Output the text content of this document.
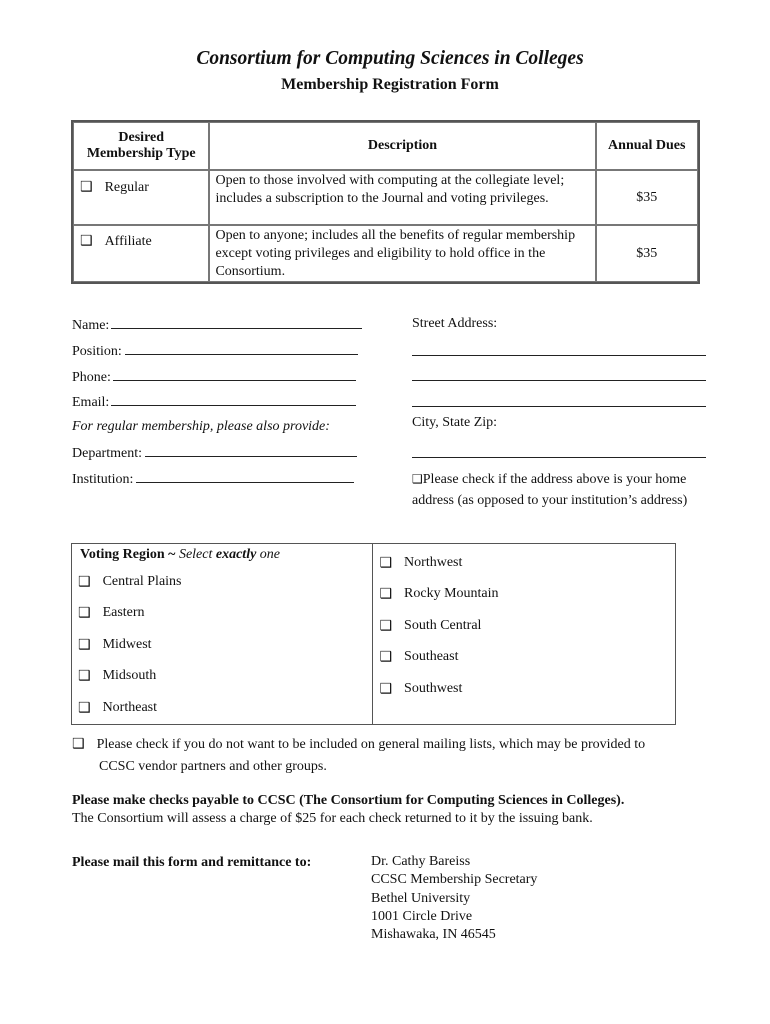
Consortium for Computing Sciences in Colleges
Membership Registration Form
Desired
Membership Type	Description	Annual Dues
❑ Regular	Open to those involved with computing at the collegiate level; includes a subscription to the Journal and voting privileges.	$35
❑ Affiliate	Open to anyone; includes all the benefits of regular membership except voting privileges and eligibility to hold office in the Consortium.	$35
Name:
Position:
Phone:
Email:
For regular membership, please also provide:
Department:
Institution:
Street Address:
City, State Zip:
❑Please check if the address above is your home address (as opposed to your institution’s address)
Voting Region ~ Select exactly one	
❑ Northwest
❑ Rocky Mountain
❑ South Central
❑ Southeast
❑ Southwest

❑ Central Plains
❑ Eastern
❑ Midwest
❑ Midsouth
❑ Northeast
❑ Please check if you do not want to be included on general mailing lists, which may be provided to
CCSC vendor partners and other groups.
Please make checks payable to CCSC (The Consortium for Computing Sciences in Colleges).
The Consortium will assess a charge of $25 for each check returned to it by the issuing bank.
Please mail this form and remittance to:	Dr. Cathy Bareiss
CCSC Membership Secretary
Bethel University
1001 Circle Drive
Mishawaka, IN 46545
